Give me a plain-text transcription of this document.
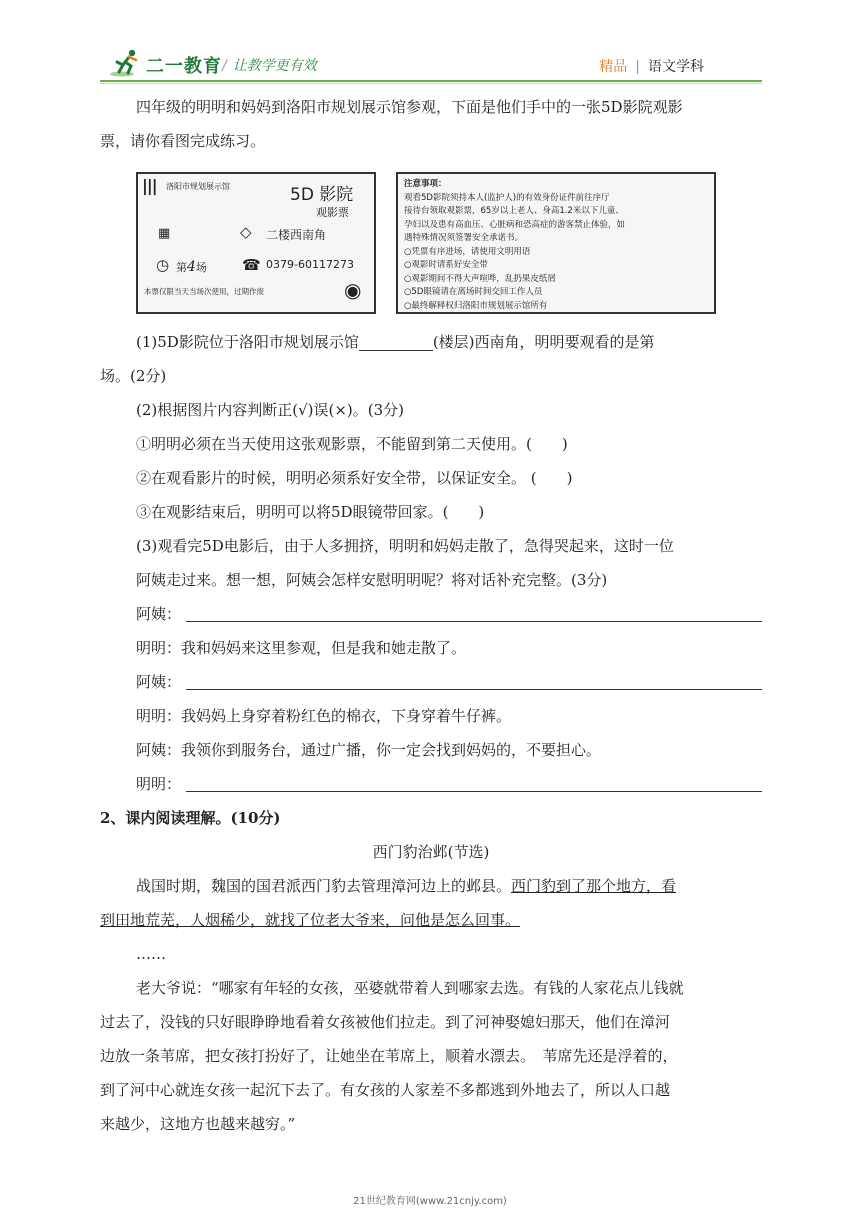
二一教育 / 让教学更有效	精品 | 语文学科
四年级的明明和妈妈到洛阳市规划展示馆参观，下面是他们手中的一张5D影院观影
票，请你看图完成练习。
||| 洛阳市规划展示馆	5D 影院
观影票
▦	◇ 二楼西南角
◷ 第4场 ☎ 0379-60117273
本票仅限当天当场次使用，过期作废	◉
注意事项：
观看5D影院须持本人(监护人)的有效身份证件前往序厅
接待台领取观影票，65岁以上老人、身高1.2米以下儿童、
孕妇以及患有高血压、心脏病和恐高症的游客禁止体验，如
遇特殊情况须签署安全承诺书。
○凭票有序进场，请使用文明用语
○观影时请系好安全带
○观影期间不得大声喧哗，乱扔果皮纸屑
○5D眼镜请在离场时间交回工作人员
○最终解释权归洛阳市规划展示馆所有
(1)5D影院位于洛阳市规划展示馆	(楼层)西南角，明明要观看的是第
场。(2分)
(2)根据图片内容判断正(√)误(×)。(3分)
①明明必须在当天使用这张观影票，不能留到第二天使用。(　　)
②在观看影片的时候，明明必须系好安全带，以保证安全。 (　　)
③在观影结束后，明明可以将5D眼镜带回家。(　　)
(3)观看完5D电影后，由于人多拥挤，明明和妈妈走散了，急得哭起来，这时一位
阿姨走过来。想一想，阿姨会怎样安慰明明呢？将对话补充完整。(3分)
阿姨：
明明：我和妈妈来这里参观，但是我和她走散了。
阿姨：
明明：我妈妈上身穿着粉红色的棉衣，下身穿着牛仔裤。
阿姨：我领你到服务台，通过广播，你一定会找到妈妈的，不要担心。
明明：
2、课内阅读理解。(10分)
西门豹治邺(节选)
战国时期，魏国的国君派西门豹去管理漳河边上的邺县。西门豹到了那个地方，看
到田地荒芜，人烟稀少，就找了位老大爷来，问他是怎么回事。
……
老大爷说：“哪家有年轻的女孩，巫婆就带着人到哪家去选。有钱的人家花点儿钱就
过去了，没钱的只好眼睁睁地看着女孩被他们拉走。到了河神娶媳妇那天，他们在漳河
边放一条苇席，把女孩打扮好了，让她坐在苇席上，顺着水漂去。　苇席先还是浮着的，
到了河中心就连女孩一起沉下去了。有女孩的人家差不多都逃到外地去了，所以人口越
来越少，这地方也越来越穷。”
21世纪教育网(www.21cnjy.com)
